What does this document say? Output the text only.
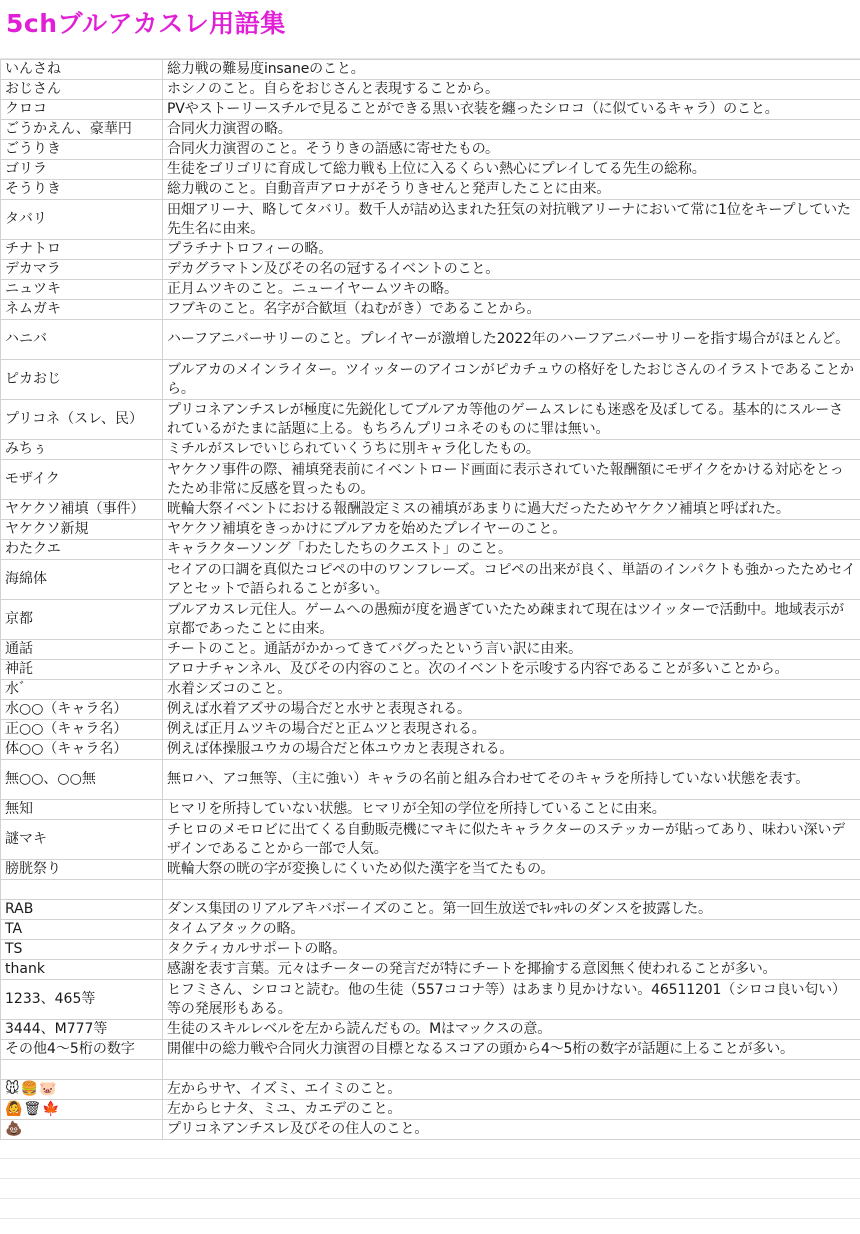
5chブルアカスレ用語集
いんさね	総力戦の難易度insaneのこと。
おじさん	ホシノのこと。自らをおじさんと表現することから。
クロコ	PVやストーリースチルで見ることができる黒い衣装を纏ったシロコ（に似ているキャラ）のこと。
ごうかえん、豪華円	合同火力演習の略。
ごうりき	合同火力演習のこと。そうりきの語感に寄せたもの。
ゴリラ	生徒をゴリゴリに育成して総力戦も上位に入るくらい熱心にプレイしてる先生の総称。
そうりき	総力戦のこと。自動音声アロナがそうりきせんと発声したことに由来。
タバリ	田畑アリーナ、略してタバリ。数千人が詰め込まれた狂気の対抗戦アリーナにおいて常に1位をキープしていた先生名に由来。
チナトロ	プラチナトロフィーの略。
デカマラ	デカグラマトン及びその名の冠するイベントのこと。
ニュツキ	正月ムツキのこと。ニューイヤームツキの略。
ネムガキ	フブキのこと。名字が合歓垣（ねむがき）であることから。
ハニバ	ハーフアニバーサリーのこと。プレイヤーが激増した2022年のハーフアニバーサリーを指す場合がほとんど。
ピカおじ	ブルアカのメインライター。ツイッターのアイコンがピカチュウの格好をしたおじさんのイラストであることから。
プリコネ（スレ、民）	プリコネアンチスレが極度に先鋭化してブルアカ等他のゲームスレにも迷惑を及ぼしてる。基本的にスルーされているがたまに話題に上る。もちろんプリコネそのものに罪は無い。
みちぅ	ミチルがスレでいじられていくうちに別キャラ化したもの。
モザイク	ヤケクソ事件の際、補填発表前にイベントロード画面に表示されていた報酬額にモザイクをかける対応をとったため非常に反感を買ったもの。
ヤケクソ補填（事件）	晄輪大祭イベントにおける報酬設定ミスの補填があまりに過大だったためヤケクソ補填と呼ばれた。
ヤケクソ新規	ヤケクソ補填をきっかけにブルアカを始めたプレイヤーのこと。
わたクエ	キャラクターソング「わたしたちのクエスト」のこと。
海綿体	セイアの口調を真似たコピペの中のワンフレーズ。コピペの出来が良く、単語のインパクトも強かったためセイアとセットで語られることが多い。
京都	ブルアカスレ元住人。ゲームへの愚痴が度を過ぎていたため疎まれて現在はツイッターで活動中。地域表示が京都であったことに由来。
通話	チートのこと。通話がかかってきてバグったという言い訳に由来。
神託	アロナチャンネル、及びその内容のこと。次のイベントを示唆する内容であることが多いことから。
水゛	水着シズコのこと。
水○○（キャラ名）	例えば水着アズサの場合だと水サと表現される。
正○○（キャラ名）	例えば正月ムツキの場合だと正ムツと表現される。
体○○（キャラ名）	例えば体操服ユウカの場合だと体ユウカと表現される。
無○○、○○無	無ロハ、アコ無等、（主に強い）キャラの名前と組み合わせてそのキャラを所持していない状態を表す。
無知	ヒマリを所持していない状態。ヒマリが全知の学位を所持していることに由来。
謎マキ	チヒロのメモロビに出てくる自動販売機にマキに似たキャラクターのステッカーが貼ってあり、味わい深いデザインであることから一部で人気。
膀胱祭り	晄輪大祭の晄の字が変換しにくいため似た漢字を当てたもの。

RAB	ダンス集団のリアルアキバボーイズのこと。第一回生放送でｷﾚｯｷﾚのダンスを披露した。
TA	タイムアタックの略。
TS	タクティカルサポートの略。
thank	感謝を表す言葉。元々はチーターの発言だが特にチートを揶揄する意図無く使われることが多い。
1233、465等	ヒフミさん、シロコと読む。他の生徒（557ココナ等）はあまり見かけない。46511201（シロコ良い匂い）等の発展形もある。
3444、M777等	生徒のスキルレベルを左から読んだもの。Mはマックスの意。
その他4〜5桁の数字	開催中の総力戦や合同火力演習の目標となるスコアの頭から4〜5桁の数字が話題に上ることが多い。

🐭🍔🐷	左からサヤ、イズミ、エイミのこと。
🙆🗑🍁	左からヒナタ、ミユ、カエデのこと。
💩	プリコネアンチスレ及びその住人のこと。
